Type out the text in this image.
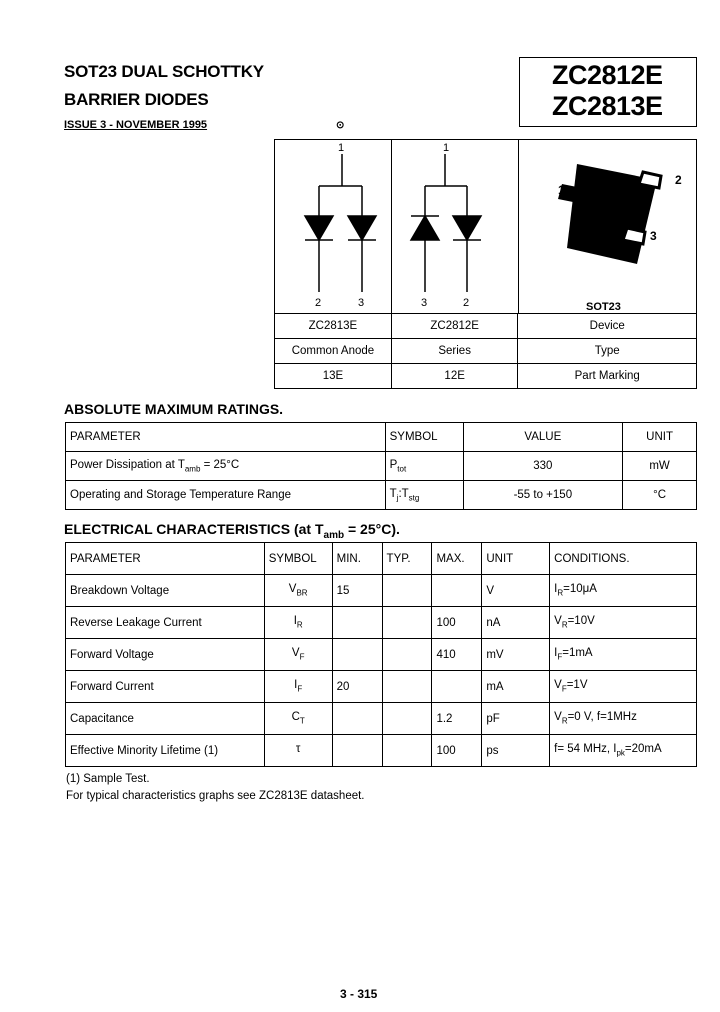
SOT23 DUAL SCHOTTKY
BARRIER DIODES
ISSUE 3 - NOVEMBER 1995	⊙
ZC2812E
ZC2813E
1
2	3
1
3	2
1
2
3
SOT23
ZC2813E	ZC2812E	Device
Common Anode	Series	Type
13E	12E	Part Marking
ABSOLUTE MAXIMUM RATINGS.
PARAMETER	SYMBOL	VALUE	UNIT
Power Dissipation at $T_{amb} = 25^\circ C$	$P_{tot}$	330	mW
Operating and Storage Temperature Range	$T_j:T_{stg}$	-55 to +150	°C
ELECTRICAL CHARACTERISTICS (at $T_{amb} = 25^\circ C$).
PARAMETER	SYMBOL	MIN.	TYP.	MAX.	UNIT	CONDITIONS.
Breakdown Voltage	$V_{BR}$	15			V	$I_R=10\mu A$
Reverse Leakage Current	$I_R$			100	nA	$V_R=10V$
Forward Voltage	$V_F$			410	mV	$I_F=1mA$
Forward Current	$I_F$	20			mA	$V_F=1V$
Capacitance	$C_T$			1.2	pF	$V_R=0$ V, f=1MHz
Effective Minority Lifetime (1)	τ			100	ps	f= 54 MHz, $I_{pk}=20mA$
(1) Sample Test.
For typical characteristics graphs see ZC2813E datasheet.
3 - 315
